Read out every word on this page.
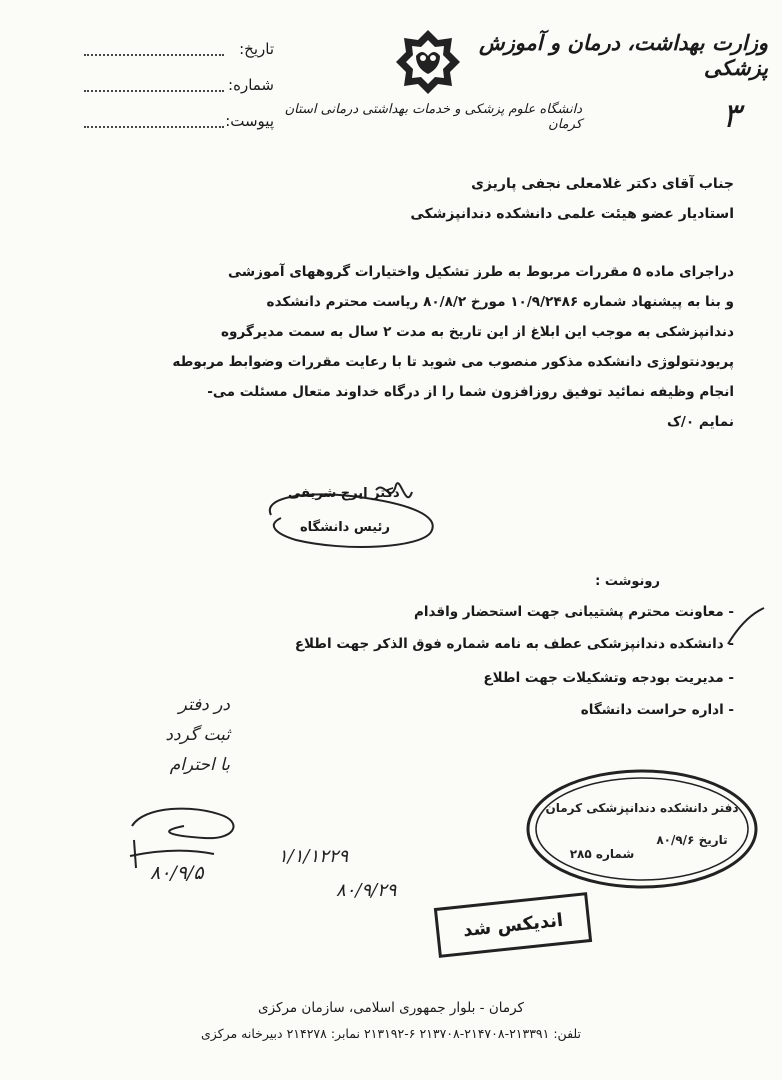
وزارت بهداشت، درمان و آموزش پزشکی
دانشگاه علوم پزشکی و خدمات بهداشتی درمانی استان کرمان	۳
تاریخ:
شماره:
پیوست:
جناب آقای دکتر غلامعلی نجفی پاریزی
استادیار عضو هیئت علمی دانشکده دندانپزشکی
دراجرای ماده ۵ مقررات مربوط به طرز تشکیل واختیارات گروههای آموزشی
و بنا به پیشنهاد شماره ۱۰/۹/۲۴۸۶ مورخ ۸۰/۸/۲ ریاست محترم دانشکده
دندانپزشکی به موجب این ابلاغ از این تاریخ به مدت ۲ سال به سمت مدیرگروه
پریودنتولوژی دانشکده مذکور منصوب می شوید تا با رعایت مقررات وضوابط مربوطه
انجام وظیفه نمائید توفیق روزافزون شما را از درگاه خداوند متعال مسئلت می-
نمایم ۰/ک
دکتر ایرج شریفی
رئیس دانشگاه
رونوشت :
- معاونت محترم پشتیبانی جهت استحضار واقدام
- دانشکده دندانپزشکی عطف به نامه شماره فوق الذکر جهت اطلاع
- مدیریت بودجه وتشکیلات جهت اطلاع
- اداره حراست دانشگاه
در دفتر
ثبت گردد
با احترام
۸۰/۹/۵
۱/۱/۱۲۲۹
۸۰/۹/۲۹
دفتر دانشکده دندانپزشکی کرمان
تاریخ ۸۰/۹/۶
شماره ۲۸۵
اندیکس شد
کرمان - بلوار جمهوری اسلامی، سازمان مرکزی
تلفن: ۲۱۳۳۹۱-۲۱۴۷۰۸-۲۱۳۷۰۸ ۶-۲۱۳۱۹۲ نمابر: ۲۱۴۲۷۸ دبیرخانه مرکزی
